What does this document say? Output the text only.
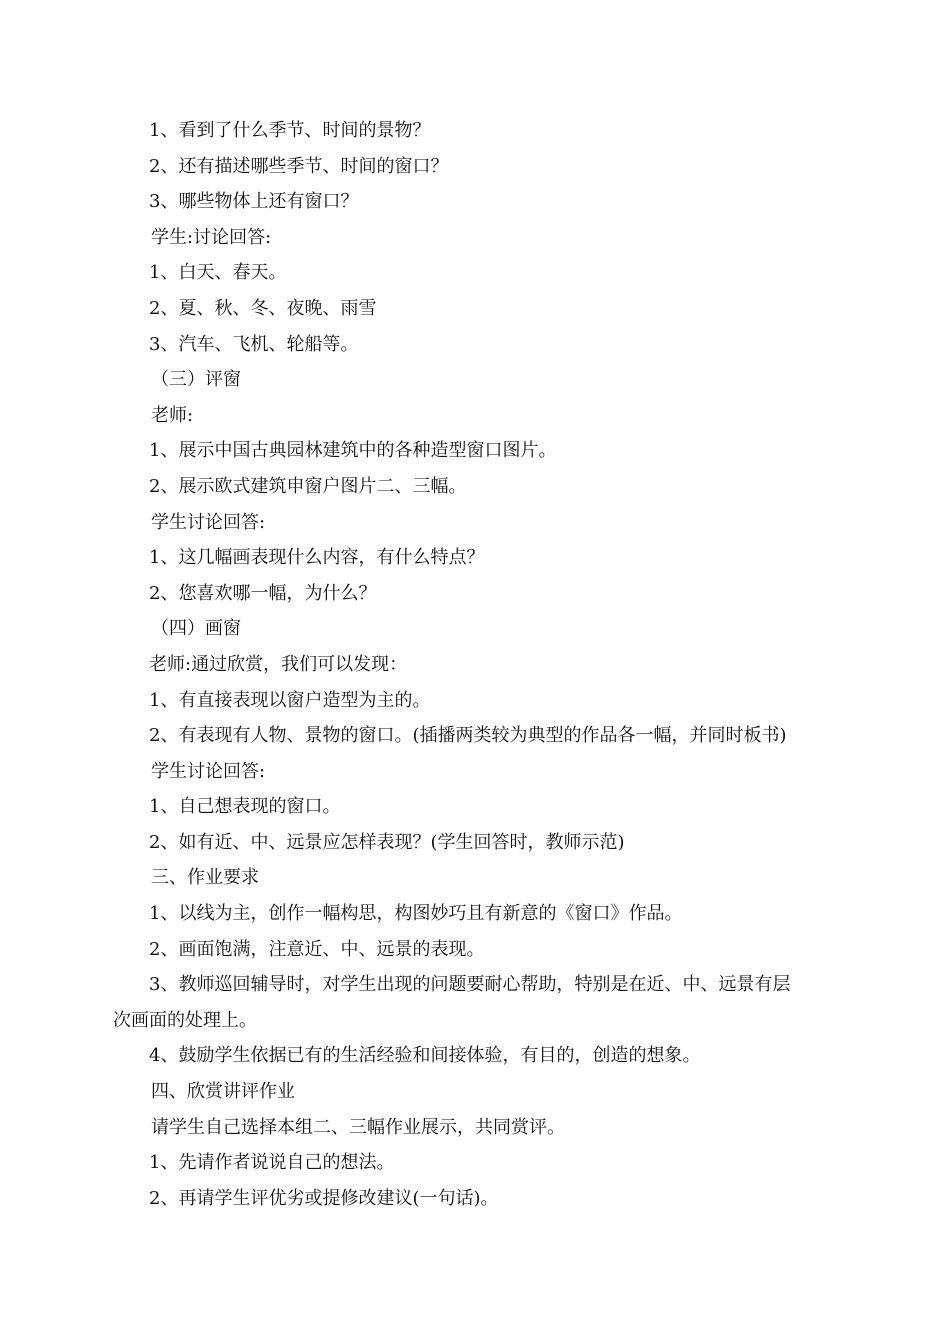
1、看到了什么季节、时间的景物？
2、还有描述哪些季节、时间的窗口？
3、哪些物体上还有窗口？
学生:讨论回答:
1、白天、春天。
2、夏、秋、冬、夜晚、雨雪
3、汽车、飞机、轮船等。
（三）评窗
老师:
1、展示中国古典园林建筑中的各种造型窗口图片。
2、展示欧式建筑申窗户图片二、三幅。
学生讨论回答:
1、这几幅画表现什么内容，有什么特点？
2、您喜欢哪一幅，为什么？
（四）画窗
老师:通过欣赏，我们可以发现：
1、有直接表现以窗户造型为主的。
2、有表现有人物、景物的窗口。(插播两类较为典型的作品各一幅，并同时板书)
学生讨论回答:
1、自己想表现的窗口。
2、如有近、中、远景应怎样表现？(学生回答时，教师示范)
三、作业要求
1、以线为主，创作一幅构思，构图妙巧且有新意的《窗口》作品。
2、画面饱满，注意近、中、远景的表现。
3、教师巡回辅导时，对学生出现的问题要耐心帮助，特别是在近、中、远景有层
次画面的处理上。
4、鼓励学生依据已有的生活经验和间接体验，有目的，创造的想象。
四、欣赏讲评作业
请学生自己选择本组二、三幅作业展示，共同赏评。
1、先请作者说说自己的想法。
2、再请学生评优劣或提修改建议(一句话)。
